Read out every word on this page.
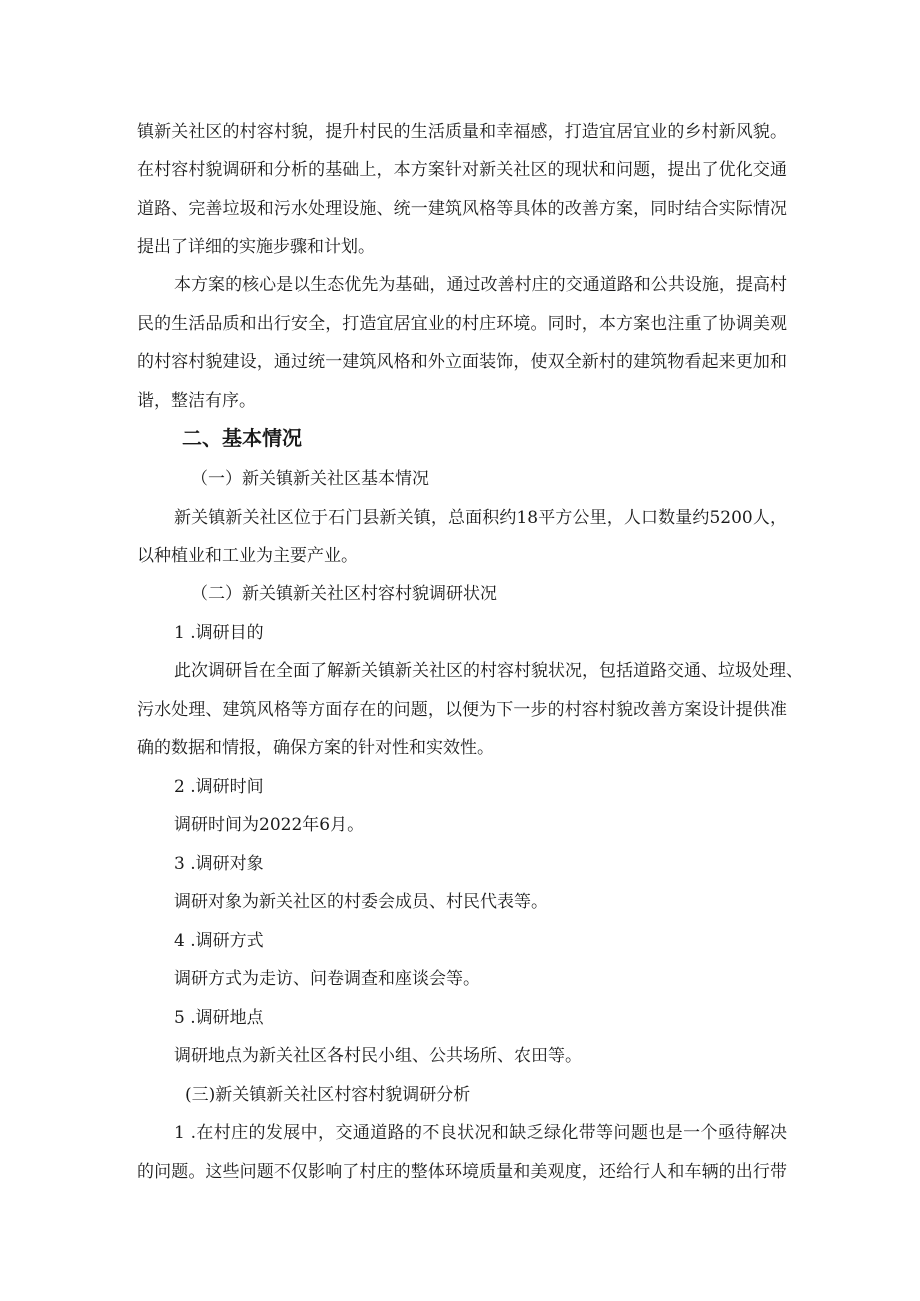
镇新关社区的村容村貌，提升村民的生活质量和幸福感，打造宜居宜业的乡村新风貌。
在村容村貌调研和分析的基础上，本方案针对新关社区的现状和问题，提出了优化交通
道路、完善垃圾和污水处理设施、统一建筑风格等具体的改善方案，同时结合实际情况
提出了详细的实施步骤和计划。
本方案的核心是以生态优先为基础，通过改善村庄的交通道路和公共设施，提高村
民的生活品质和出行安全，打造宜居宜业的村庄环境。同时，本方案也注重了协调美观
的村容村貌建设，通过统一建筑风格和外立面装饰，使双全新村的建筑物看起来更加和
谐，整洁有序。
二、基本情况
（一）新关镇新关社区基本情况
新关镇新关社区位于石门县新关镇，总面积约18平方公里，人口数量约5200人，
以种植业和工业为主要产业。
（二）新关镇新关社区村容村貌调研状况
1 .调研目的
此次调研旨在全面了解新关镇新关社区的村容村貌状况，包括道路交通、垃圾处理、
污水处理、建筑风格等方面存在的问题，以便为下一步的村容村貌改善方案设计提供准
确的数据和情报，确保方案的针对性和实效性。
2 .调研时间
调研时间为2022年6月。
3 .调研对象
调研对象为新关社区的村委会成员、村民代表等。
4 .调研方式
调研方式为走访、问卷调查和座谈会等。
5 .调研地点
调研地点为新关社区各村民小组、公共场所、农田等。
(三)新关镇新关社区村容村貌调研分析
1 .在村庄的发展中，交通道路的不良状况和缺乏绿化带等问题也是一个亟待解决
的问题。这些问题不仅影响了村庄的整体环境质量和美观度，还给行人和车辆的出行带
